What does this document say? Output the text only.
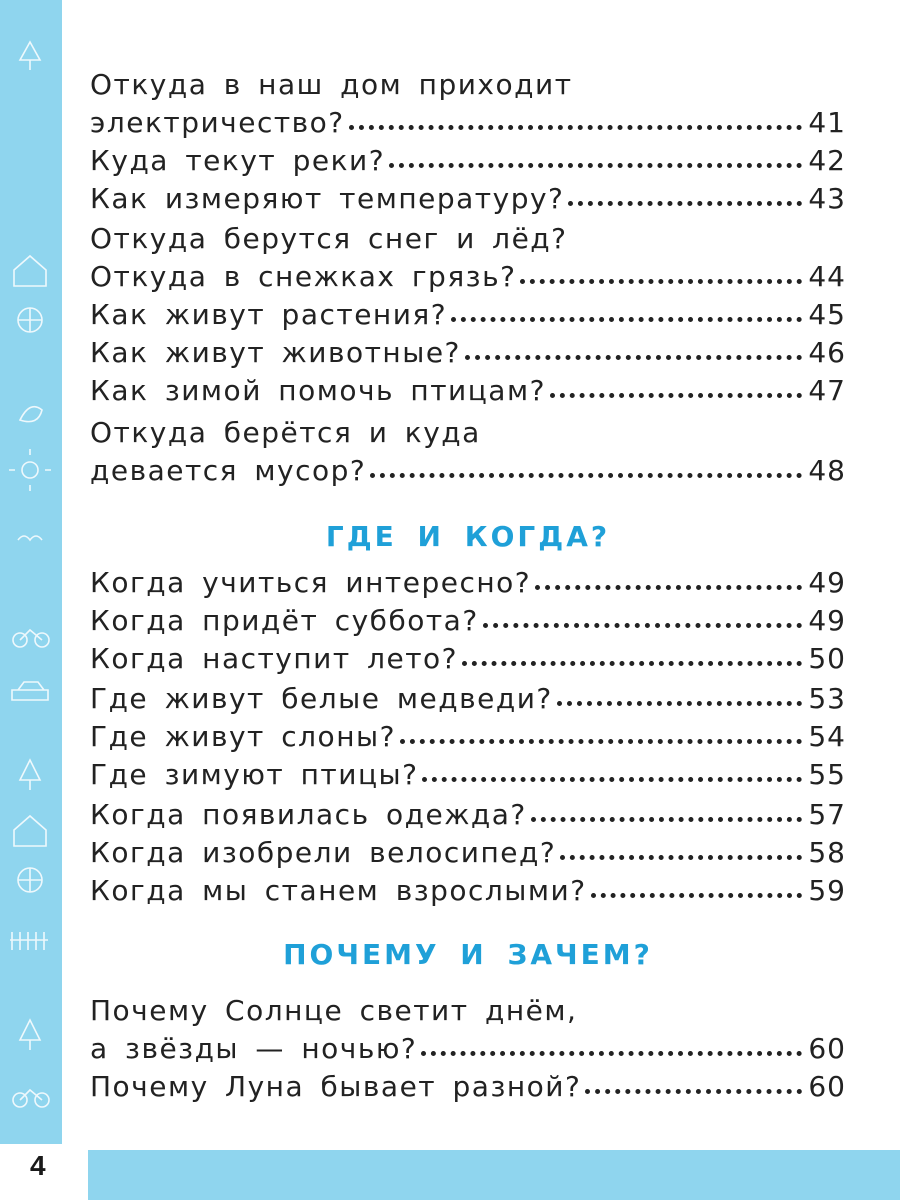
4
Откуда в наш дом приходит
электричество?	41
Куда текут реки?	42
Как измеряют температуру?	43
Откуда берутся снег и лёд?
Откуда в снежках грязь?	44
Как живут растения?	45
Как живут животные?	46
Как зимой помочь птицам?	47
Откуда берётся и куда
девается мусор?	48
ГДЕ И КОГДА?
Когда учиться интересно?	49
Когда придёт суббота?	49
Когда наступит лето?	50
Где живут белые медведи?	53
Где живут слоны?	54
Где зимуют птицы?	55
Когда появилась одежда?	57
Когда изобрели велосипед?	58
Когда мы станем взрослыми?	59
ПОЧЕМУ И ЗАЧЕМ?
Почему Солнце светит днём,
а звёзды — ночью?	60
Почему Луна бывает разной?	60
